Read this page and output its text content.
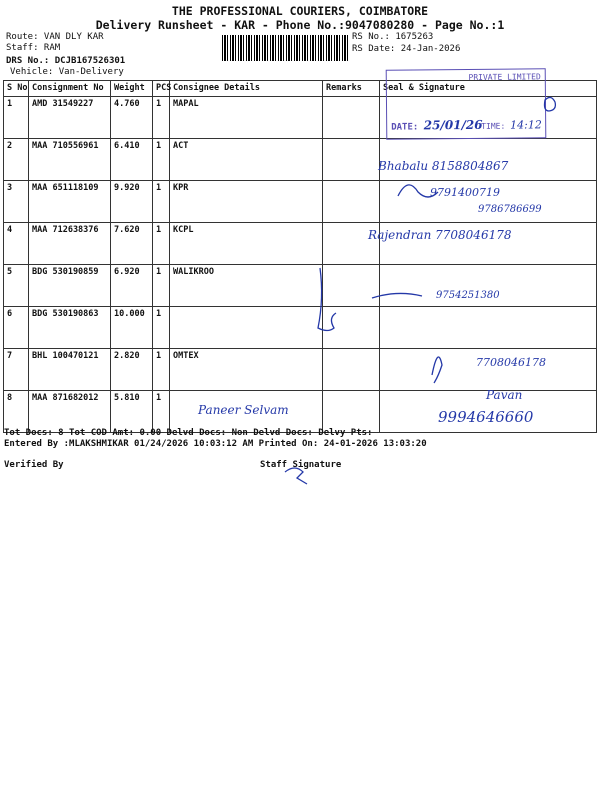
THE PROFESSIONAL COURIERS, COIMBATORE
Delivery Runsheet - KAR - Phone No.:9047080280 - Page No.:1
Route: VAN DLY KAR
Staff: RAM
DRS No.: DCJB167526301
Vehicle: Van-Delivery
RS No.: 1675263
RS Date: 24-Jan-2026
S No	Consignment No	Weight	PCS	Consignee Details	Remarks	Seal & Signature
1	AMD 31549227	4.760	1	MAPAL		
2	MAA 710556961	6.410	1	ACT		
3	MAA 651118109	9.920	1	KPR		
4	MAA 712638376	7.620	1	KCPL		
5	BDG 530190859	6.920	1	WALIKROO		
6	BDG 530190863	10.000	1			
7	BHL 100470121	2.820	1	OMTEX		
8	MAA 871682012	5.810	1			
PRIVATE LIMITED
DATE: 25/01/26
TIME: 14:12
Bhabalu 8158804867
9791400719
9786786699
Rajendran 7708046178
9754251380
7708046178
Paneer Selvam
Pavan
9994646660
Tot Docs: 8 Tot COD Amt: 0.00 Delvd Docs: Non Delvd Docs: Delvy Pts:
Entered By :MLAKSHMIKAR 01/24/2026 10:03:12 AM Printed On: 24-01-2026 13:03:20
Verified By	Staff Signature
